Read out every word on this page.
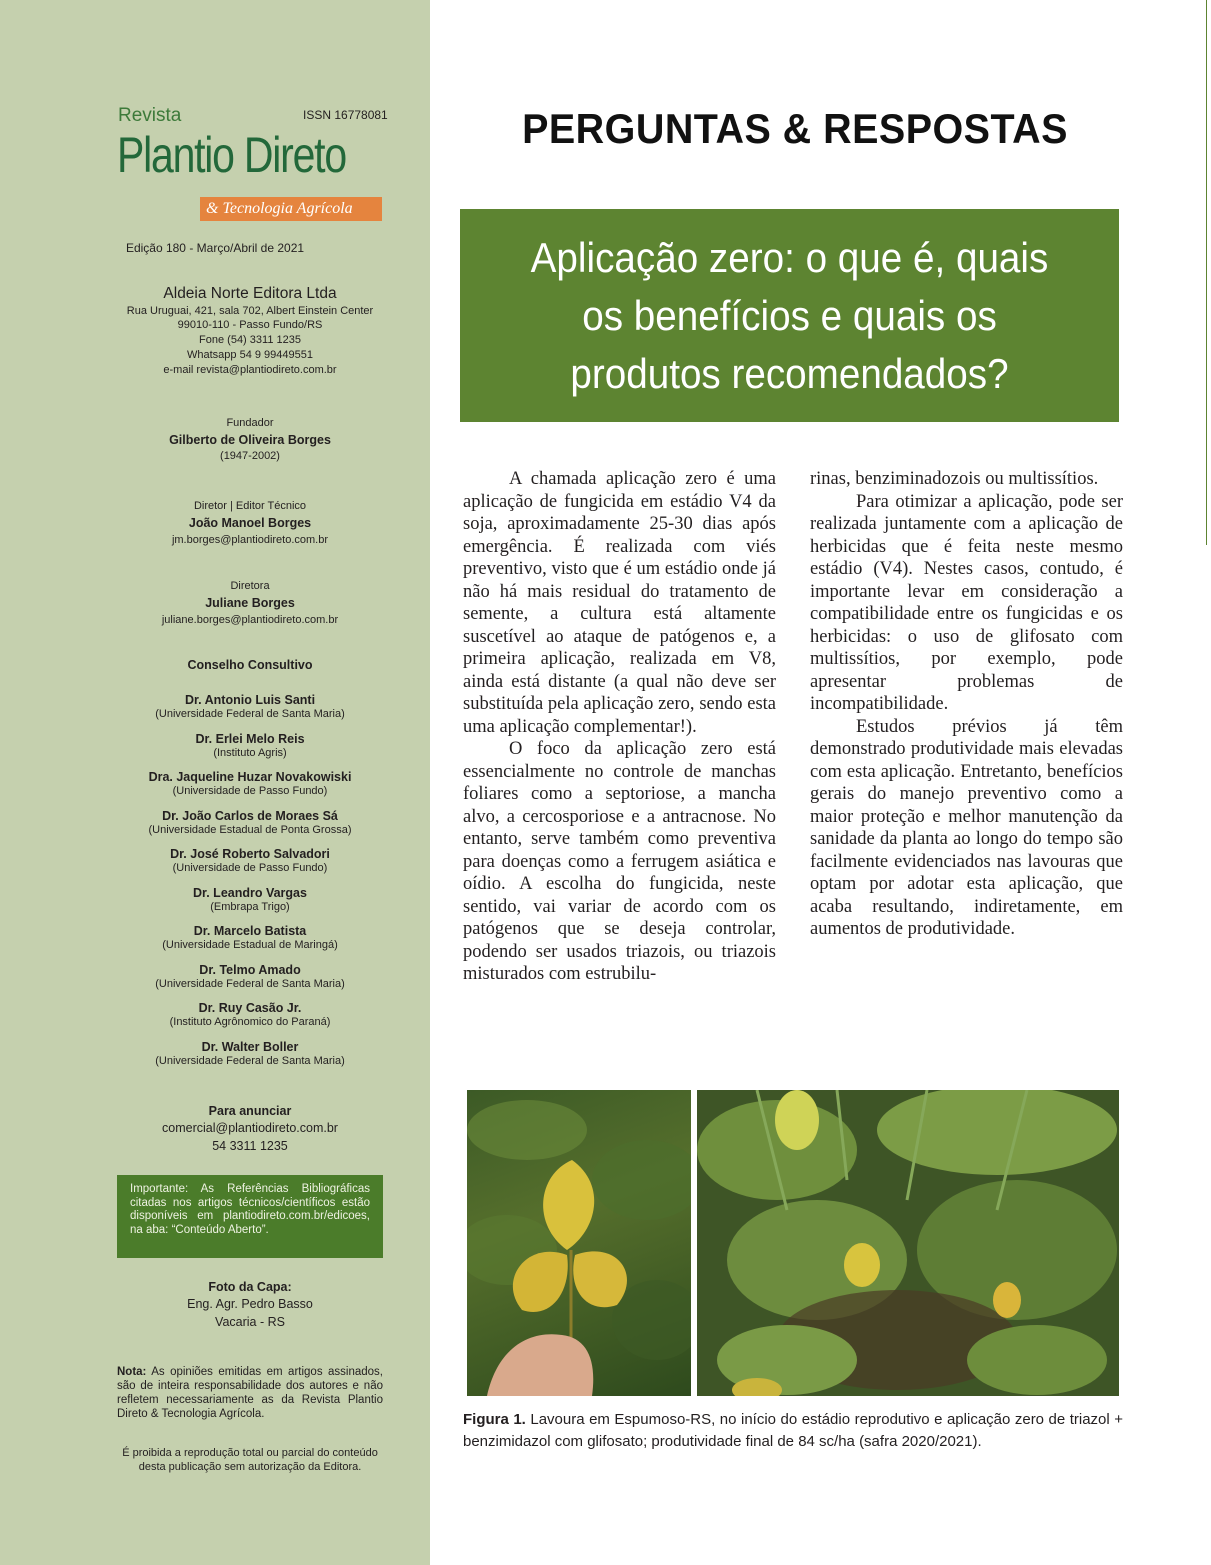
Revista	ISSN 16778081
Plantio Direto
& Tecnologia Agrícola
Edição 180 - Março/Abril de 2021
Aldeia Norte Editora Ltda
Rua Uruguai, 421, sala 702, Albert Einstein Center
99010-110 - Passo Fundo/RS
Fone (54) 3311 1235
Whatsapp 54 9 99449551
e-mail revista@plantiodireto.com.br
Fundador
Gilberto de Oliveira Borges
(1947-2002)
Diretor | Editor Técnico
João Manoel Borges
jm.borges@plantiodireto.com.br
Diretora
Juliane Borges
juliane.borges@plantiodireto.com.br
Conselho Consultivo
Dr. Antonio Luis Santi
(Universidade Federal de Santa Maria)
Dr. Erlei Melo Reis
(Instituto Agris)
Dra. Jaqueline Huzar Novakowiski
(Universidade de Passo Fundo)
Dr. João Carlos de Moraes Sá
(Universidade Estadual de Ponta Grossa)
Dr. José Roberto Salvadori
(Universidade de Passo Fundo)
Dr. Leandro Vargas
(Embrapa Trigo)
Dr. Marcelo Batista
(Universidade Estadual de Maringá)
Dr. Telmo Amado
(Universidade Federal de Santa Maria)
Dr. Ruy Casão Jr.
(Instituto Agrônomico do Paraná)
Dr. Walter Boller
(Universidade Federal de Santa Maria)
Para anunciar
comercial@plantiodireto.com.br
54 3311 1235
Importante: As Referências Bibliográficas citadas nos artigos técnicos/científicos estão disponíveis em plantiodireto.com.br/edicoes, na aba: “Conteúdo Aberto”.
Foto da Capa:
Eng. Agr. Pedro Basso
Vacaria - RS
Nota: As opiniões emitidas em artigos assinados, são de inteira responsabilidade dos autores e não refletem necessariamente as da Revista Plantio Direto & Tecnologia Agrícola.
É proibida a reprodução total ou parcial do conteúdo desta publicação sem autorização da Editora.
PERGUNTAS & RESPOSTAS
Aplicação zero: o que é, quais os benefícios e quais os produtos recomendados?

A chamada aplicação zero é uma aplicação de fungicida em estádio V4 da soja, aproximadamente 25-30 dias após emergência. É realizada com viés preventivo, visto que é um estádio onde já não há mais residual do tratamento de semente, a cultura está altamente suscetível ao ataque de patógenos e, a primeira aplicação, realizada em V8, ainda está distante (a qual não deve ser substituída pela aplicação zero, sendo esta uma aplicação complementar!).

O foco da aplicação zero está essencialmente no controle de manchas foliares como a septoriose, a mancha alvo, a cercosporiose e a antracnose. No entanto, serve também como preventiva para doenças como a ferrugem asiática e oídio. A escolha do fungicida, neste sentido, vai variar de acordo com os patógenos que se deseja controlar, podendo ser usados triazois, ou triazois misturados com estrubilu-

rinas, benziminadozois ou multissítios.

Para otimizar a aplicação, pode ser realizada juntamente com a aplicação de herbicidas que é feita neste mesmo estádio (V4). Nestes casos, contudo, é importante levar em consideração a compatibilidade entre os fungicidas e os herbicidas: o uso de glifosato com multissítios, por exemplo, pode apresentar problemas de incompatibilidade.

Estudos prévios já têm demonstrado produtividade mais elevadas com esta aplicação. Entretanto, benefícios gerais do manejo preventivo como a maior proteção e melhor manutenção da sanidade da planta ao longo do tempo são facilmente evidenciados nas lavouras que optam por adotar esta aplicação, que acaba resultando, indiretamente, em aumentos de produtividade.

Figura 1. Lavoura em Espumoso-RS, no início do estádio reprodutivo e aplicação zero de triazol + benzimidazol com glifosato; produtividade final de 84 sc/ha (safra 2020/2021).
